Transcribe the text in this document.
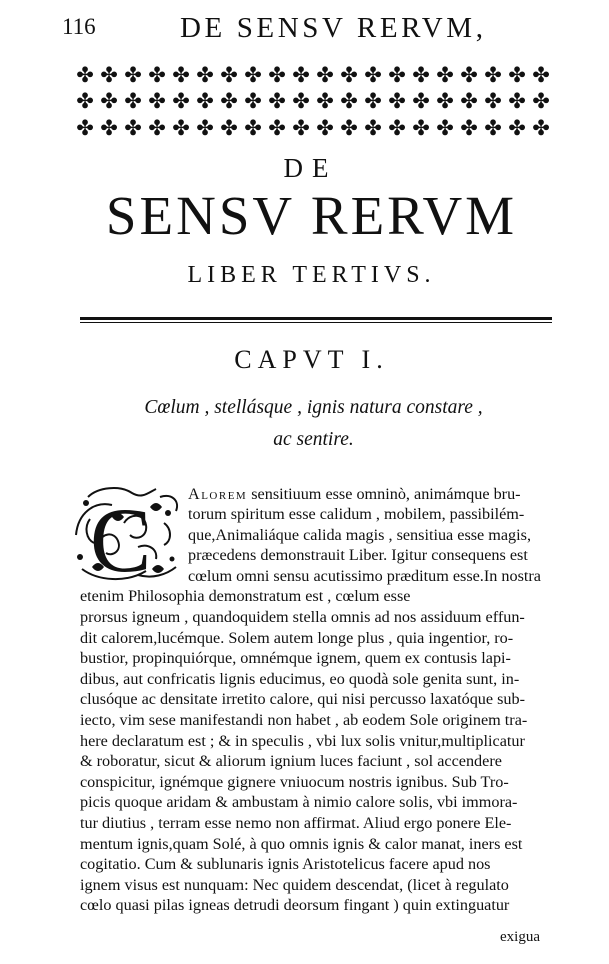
116	DE SENSV RERVM,
✤ ✤ ✤ ✤ ✤ ✤ ✤ ✤ ✤ ✤ ✤ ✤ ✤ ✤ ✤ ✤ ✤ ✤ ✤ ✤
✤ ✤ ✤ ✤ ✤ ✤ ✤ ✤ ✤ ✤ ✤ ✤ ✤ ✤ ✤ ✤ ✤ ✤ ✤ ✤
✤ ✤ ✤ ✤ ✤ ✤ ✤ ✤ ✤ ✤ ✤ ✤ ✤ ✤ ✤ ✤ ✤ ✤ ✤ ✤
DE
SENSV RERVM
LIBER TERTIVS.
CAPVT I.
Cœlum , stellásque , ignis natura constare ,
ac sentire.
C Alorem sensitiuum esse omninò, animámque bru-
torum spiritum esse calidum , mobilem, passibilém-
que,Animaliáque calida magis , sensitiua esse magis,
præcedens demonstrauit Liber. Igitur consequens est
cœlum omni sensu acutissimo præditum esse.In nostra
etenim Philosophia demonstratum est , cœlum esse
prorsus igneum , quandoquidem stella omnis ad nos assiduum effun-
dit calorem,lucémque. Solem autem longe plus , quia ingentior, ro-
bustior, propinquiórque, omnémque ignem, quem ex contusis lapi-
dibus, aut confricatis lignis educimus, eo quodà sole genita sunt, in-
clusóque ac densitate irretito calore, qui nisi percusso laxatóque sub-
iecto, vim sese manifestandi non habet , ab eodem Sole originem tra-
here declaratum est ; & in speculis , vbi lux solis vnitur,multiplicatur
& roboratur, sicut & aliorum ignium luces faciunt , sol accendere
conspicitur, ignémque gignere vniuocum nostris ignibus. Sub Tro-
picis quoque aridam & ambustam à nimio calore solis, vbi immora-
tur diutius , terram esse nemo non affirmat. Aliud ergo ponere Ele-
mentum ignis,quam Solé, à quo omnis ignis & calor manat, iners est
cogitatio. Cum & sublunaris ignis Aristotelicus facere apud nos
ignem visus est nunquam: Nec quidem descendat, (licet à regulato
cœlo quasi pilas igneas detrudi deorsum fingant ) quin extinguatur
exigua
